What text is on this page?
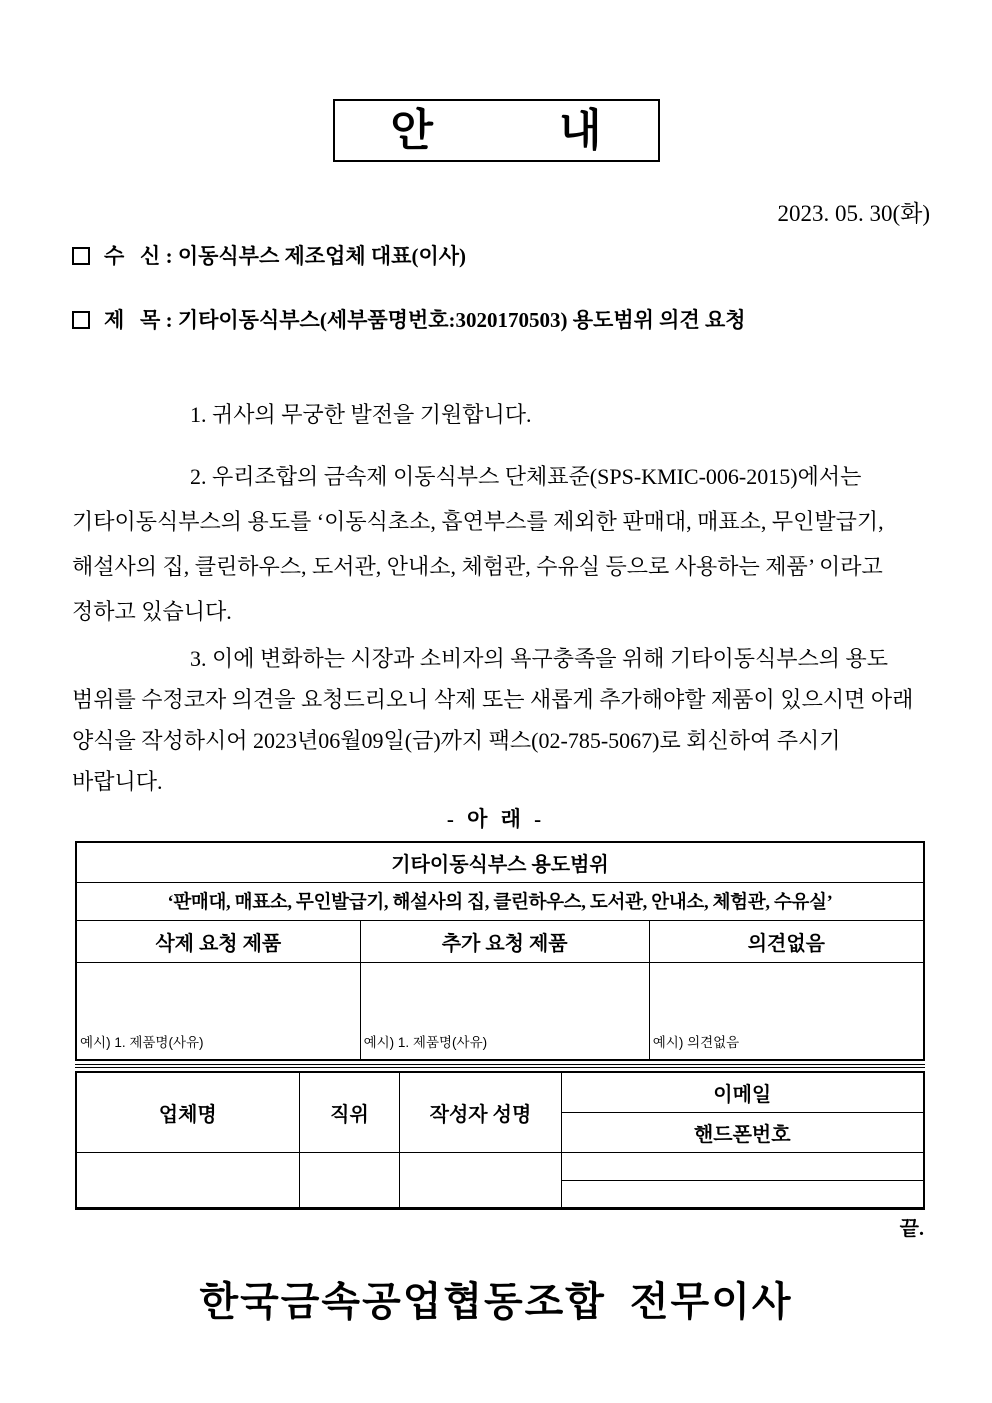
안      내
2023. 05. 30(화)
수   신 : 이동식부스 제조업체 대표(이사)
제   목 : 기타이동식부스(세부품명번호:3020170503) 용도범위 의견 요청
1. 귀사의 무궁한 발전을 기원합니다.
2. 우리조합의 금속제 이동식부스 단체표준(SPS-KMIC-006-2015)에서는
기타이동식부스의 용도를 ‘이동식초소, 흡연부스를 제외한 판매대, 매표소, 무인발급기,
해설사의 집, 클린하우스, 도서관, 안내소, 체험관, 수유실 등으로 사용하는 제품’ 이라고
정하고 있습니다.
3. 이에 변화하는 시장과 소비자의 욕구충족을 위해 기타이동식부스의 용도
범위를 수정코자 의견을 요청드리오니 삭제 또는 새롭게 추가해야할 제품이 있으시면 아래
양식을 작성하시어 2023년06월09일(금)까지 팩스(02-785-5067)로 회신하여 주시기
바랍니다.
- 아 래 -
기타이동식부스 용도범위		
‘판매대, 매표소, 무인발급기, 해설사의 집, 클린하우스, 도서관, 안내소, 체험관, 수유실’		
삭제 요청 제품	추가 요청 제품	의견없음
예시) 1. 제품명(사유)	예시) 1. 제품명(사유)	예시) 의견없음
업체명	직위	작성자 성명	이메일
			핸드폰번호

끝.
한국금속공업협동조합  전무이사
